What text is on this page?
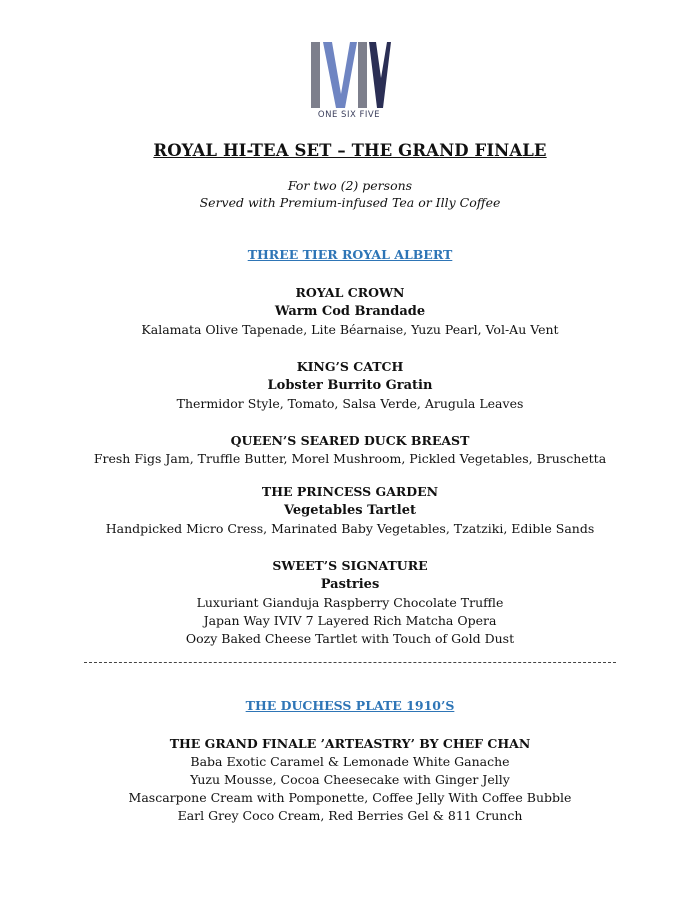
ONE SIX FIVE
ROYAL HI-TEA SET – THE GRAND FINALE
For two (2) persons
Served with Premium-infused Tea or Illy Coffee
THREE TIER ROYAL ALBERT
ROYAL CROWN
Warm Cod Brandade
Kalamata Olive Tapenade, Lite Béarnaise, Yuzu Pearl, Vol-Au Vent
KING’S CATCH
Lobster Burrito Gratin
Thermidor Style, Tomato, Salsa Verde, Arugula Leaves
QUEEN’S SEARED DUCK BREAST
Fresh Figs Jam, Truffle Butter, Morel Mushroom, Pickled Vegetables, Bruschetta
THE PRINCESS GARDEN
Vegetables Tartlet
Handpicked Micro Cress, Marinated Baby Vegetables, Tzatziki, Edible Sands
SWEET’S SIGNATURE
Pastries
Luxuriant Gianduja Raspberry Chocolate Truffle
Japan Way IVIV 7 Layered Rich Matcha Opera
Oozy Baked Cheese Tartlet with Touch of Gold Dust
THE DUCHESS PLATE 1910’S
THE GRAND FINALE ’ARTEASTRY’ BY CHEF CHAN
Baba Exotic Caramel & Lemonade White Ganache
Yuzu Mousse, Cocoa Cheesecake with Ginger Jelly
Mascarpone Cream with Pomponette, Coffee Jelly With Coffee Bubble
Earl Grey Coco Cream, Red Berries Gel & 811 Crunch
